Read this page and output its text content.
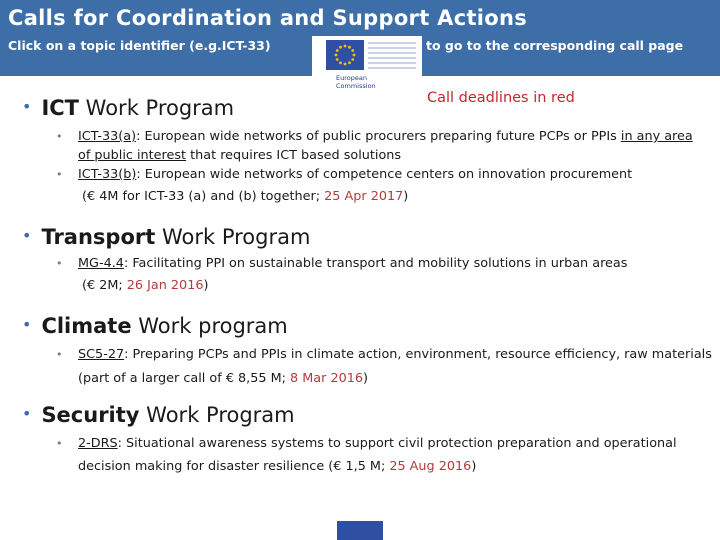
Calls for Coordination and Support Actions
Click on a topic identifier (e.g.ICT-33)	to go to the corresponding call page
European
Commission
Call deadlines in red
• ICT Work Program
• ICT-33(a): European wide networks of public procurers preparing future PCPs or PPIs in any area of public interest that requires ICT based solutions
• ICT-33(b): European wide networks of competence centers on innovation procurement
(€ 4M for ICT-33 (a) and (b) together; 25 Apr 2017)
• Transport Work Program
• MG-4.4: Facilitating PPI on sustainable transport and mobility solutions in urban areas
(€ 2M; 26 Jan 2016)
• Climate Work program
• SC5-27: Preparing PCPs and PPIs in climate action, environment, resource efficiency, raw materials (part of a larger call of € 8,55 M; 8 Mar 2016)
• Security Work Program
• 2-DRS: Situational awareness systems to support civil protection preparation and operational decision making for disaster resilience (€ 1,5 M; 25 Aug 2016)
